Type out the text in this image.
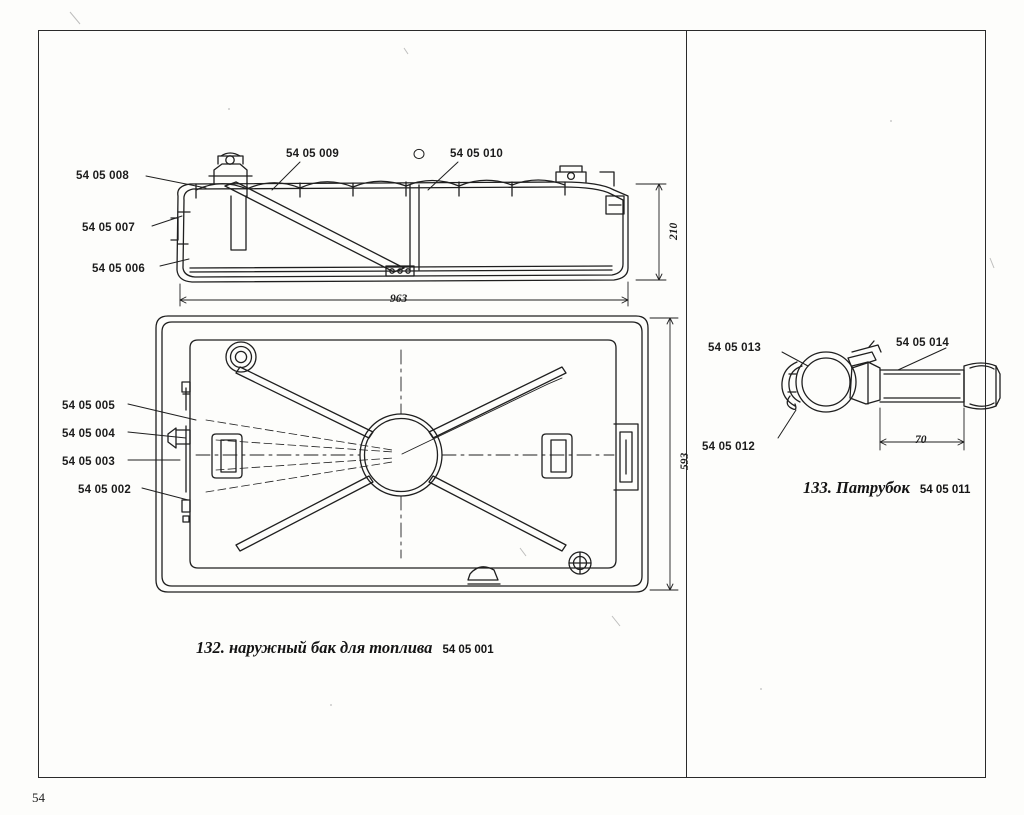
54 05 008
54 05 007
54 05 006
54 05 009	54 05 010
54 05 005
54 05 004
54 05 003
54 05 002
210
963
593
132. наружный бак для топлива 54 05 001
54 05 013	54 05 014
54 05 012
70
133. Патрубок 54 05 011
54
